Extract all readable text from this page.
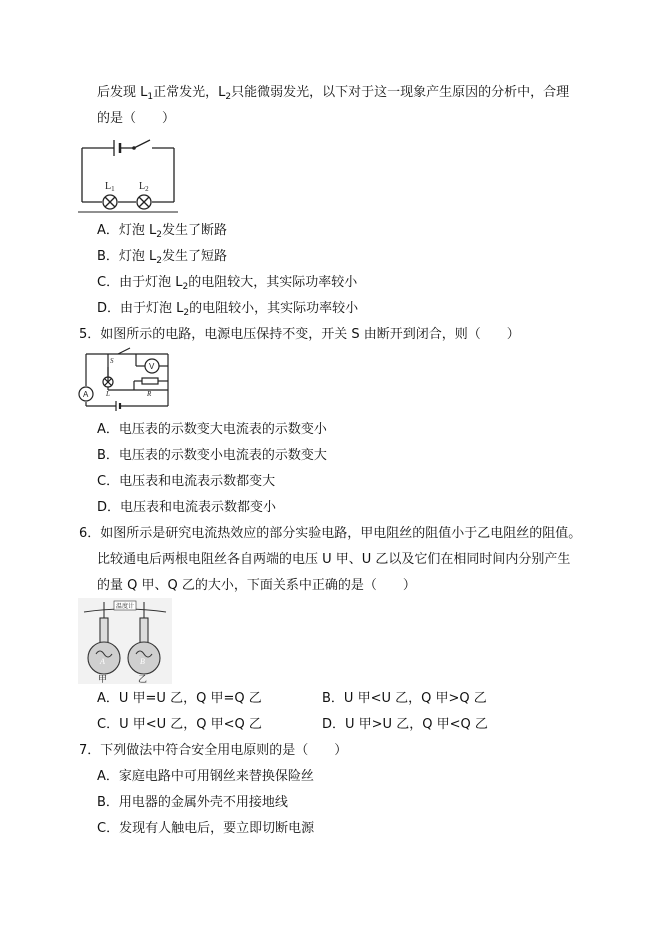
后发现 $L_1$正常发光，$L_2$只能微弱发光，以下对于这一现象产生原因的分析中，合理
的是（　　）
$L_1$ $L_2$
A．灯泡 $L_2$发生了断路
B．灯泡 $L_2$发生了短路
C．由于灯泡 $L_2$的电阻较大，其实际功率较小
D．由于灯泡 $L_2$的电阻较小，其实际功率较小
5．如图所示的电路，电源电压保持不变，开关 S 由断开到闭合，则（　　）
V
A
S
L	R
A．电压表的示数变大电流表的示数变小
B．电压表的示数变小电流表的示数变大
C．电压表和电流表示数都变大
D．电压表和电流表示数都变小
6．如图所示是研究电流热效应的部分实验电路，甲电阻丝的阻值小于乙电阻丝的阻值。
比较通电后两根电阻丝各自两端的电压 U 甲、U 乙以及它们在相同时间内分别产生
的量 Q 甲、Q 乙的大小，下面关系中正确的是（　　）
温度计
A	B
甲	乙
A．U 甲=U 乙，Q 甲=Q 乙	B．U 甲<U 乙，Q 甲>Q 乙
C．U 甲<U 乙，Q 甲<Q 乙	D．U 甲>U 乙，Q 甲<Q 乙
7．下列做法中符合安全用电原则的是（　　）
A．家庭电路中可用钢丝来替换保险丝
B．用电器的金属外壳不用接地线
C．发现有人触电后，要立即切断电源
